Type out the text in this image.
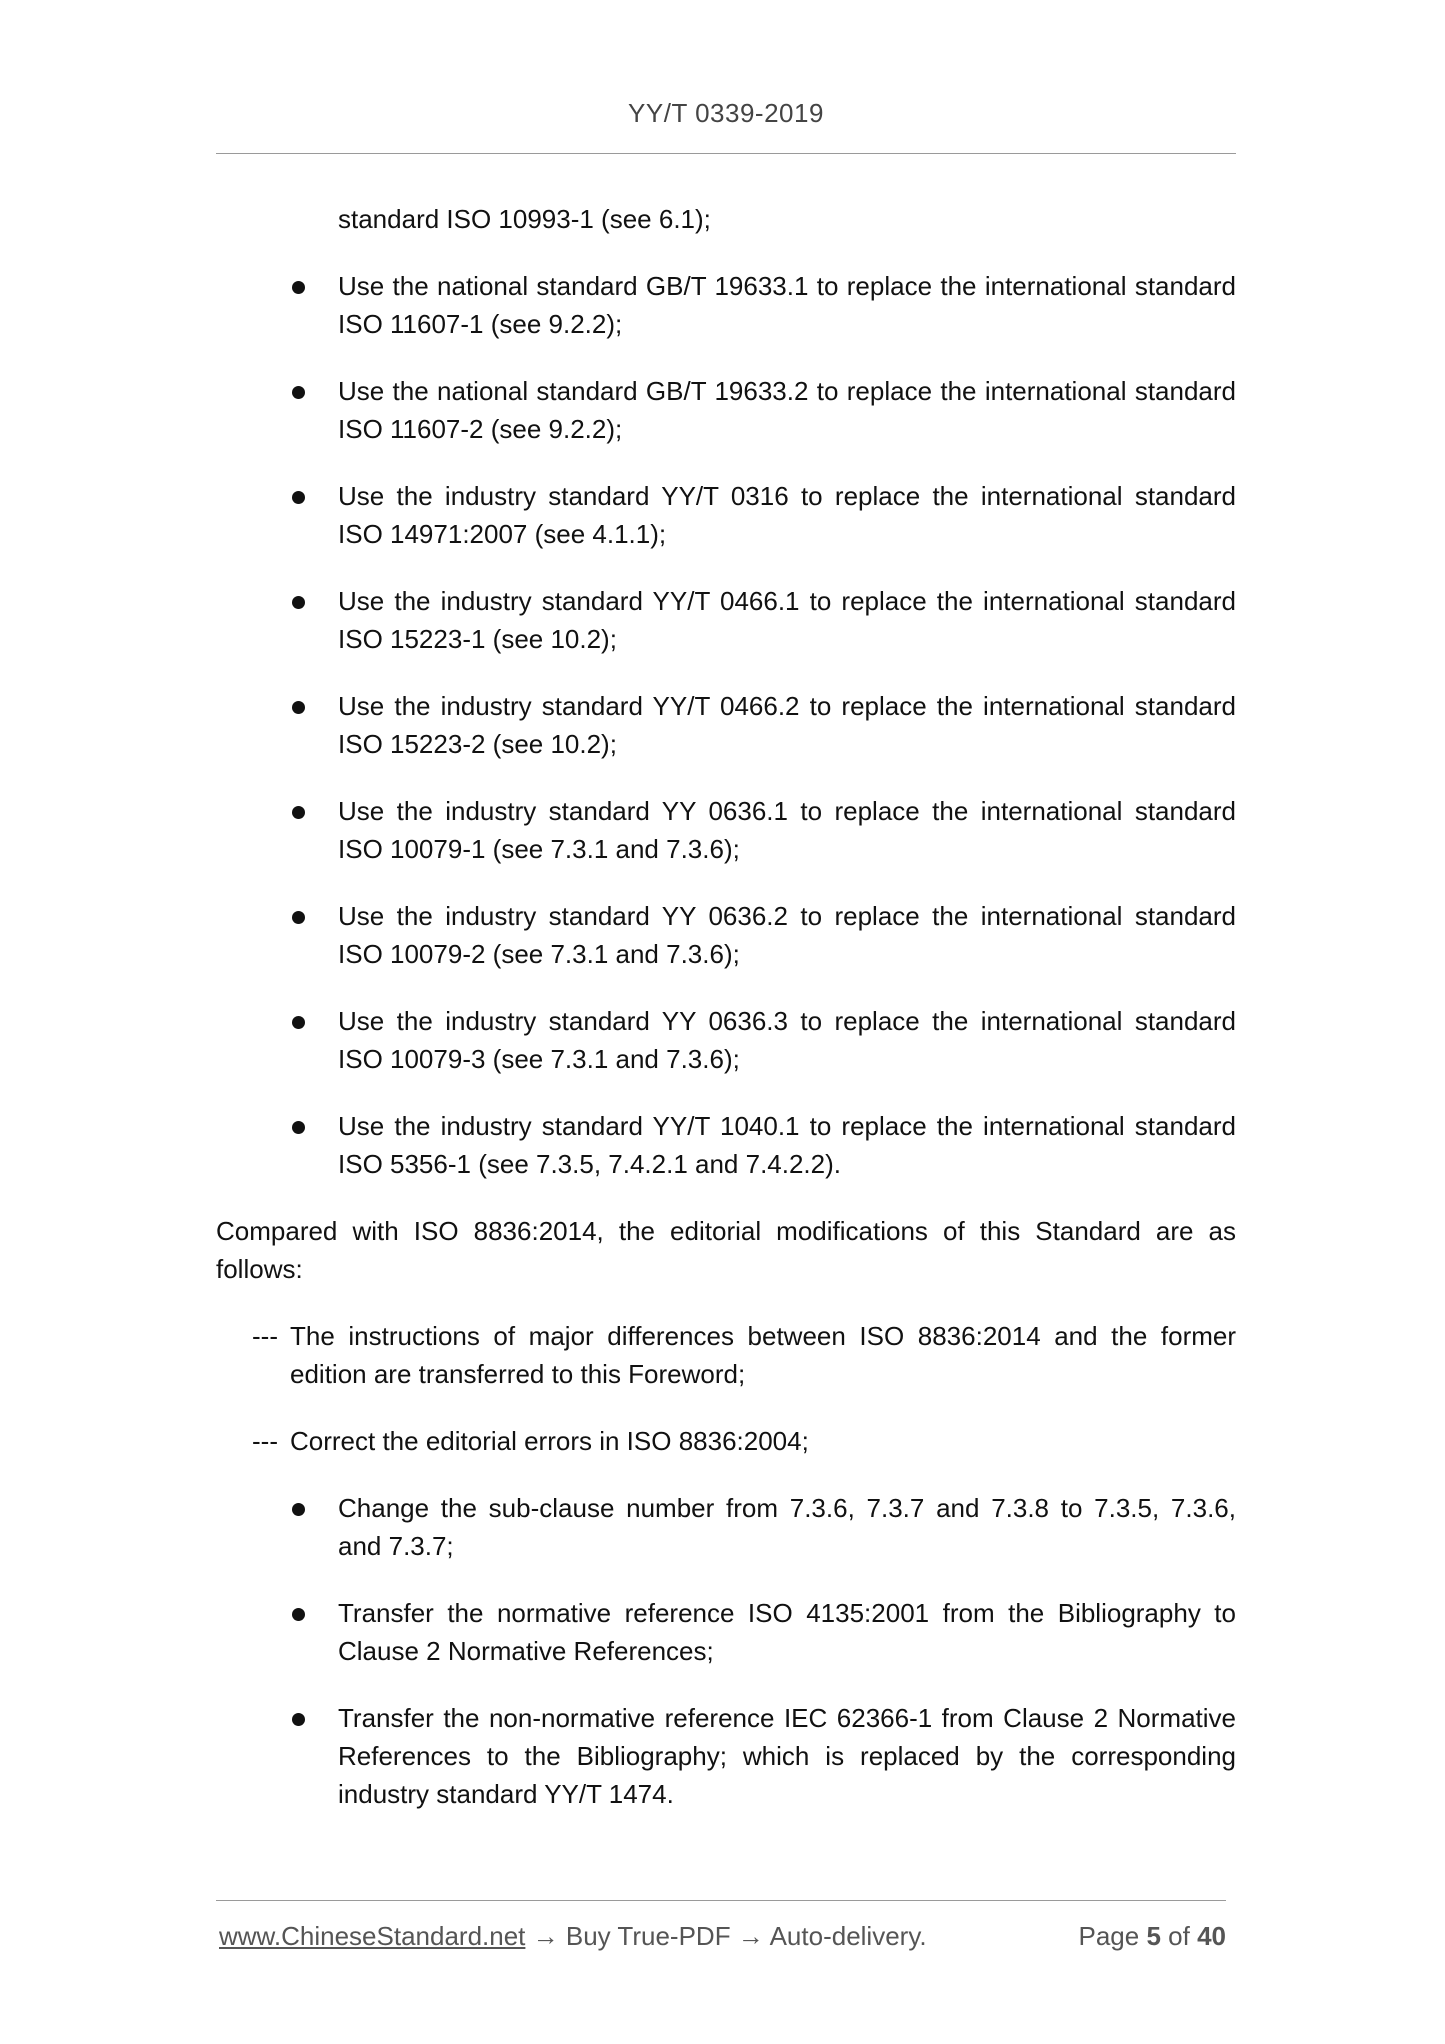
YY/T 0339-2019
standard ISO 10993-1 (see 6.1);
Use the national standard GB/T 19633.1 to replace the international standard ISO 11607-1 (see 9.2.2);
Use the national standard GB/T 19633.2 to replace the international standard ISO 11607-2 (see 9.2.2);
Use the industry standard YY/T 0316 to replace the international standard ISO 14971:2007 (see 4.1.1);
Use the industry standard YY/T 0466.1 to replace the international standard ISO 15223-1 (see 10.2);
Use the industry standard YY/T 0466.2 to replace the international standard ISO 15223-2 (see 10.2);
Use the industry standard YY 0636.1 to replace the international standard ISO 10079-1 (see 7.3.1 and 7.3.6);
Use the industry standard YY 0636.2 to replace the international standard ISO 10079-2 (see 7.3.1 and 7.3.6);
Use the industry standard YY 0636.3 to replace the international standard ISO 10079-3 (see 7.3.1 and 7.3.6);
Use the industry standard YY/T 1040.1 to replace the international standard ISO 5356-1 (see 7.3.5, 7.4.2.1 and 7.4.2.2).
Compared with ISO 8836:2014, the editorial modifications of this Standard are as follows:
--- The instructions of major differences between ISO 8836:2014 and the former edition are transferred to this Foreword;
--- Correct the editorial errors in ISO 8836:2004;
Change the sub-clause number from 7.3.6, 7.3.7 and 7.3.8 to 7.3.5, 7.3.6, and 7.3.7;
Transfer the normative reference ISO 4135:2001 from the Bibliography to Clause 2 Normative References;
Transfer the non-normative reference IEC 62366-1 from Clause 2 Normative References to the Bibliography; which is replaced by the corresponding industry standard YY/T 1474.
www.ChineseStandard.net → Buy True-PDF → Auto-delivery.	Page 5 of 40
